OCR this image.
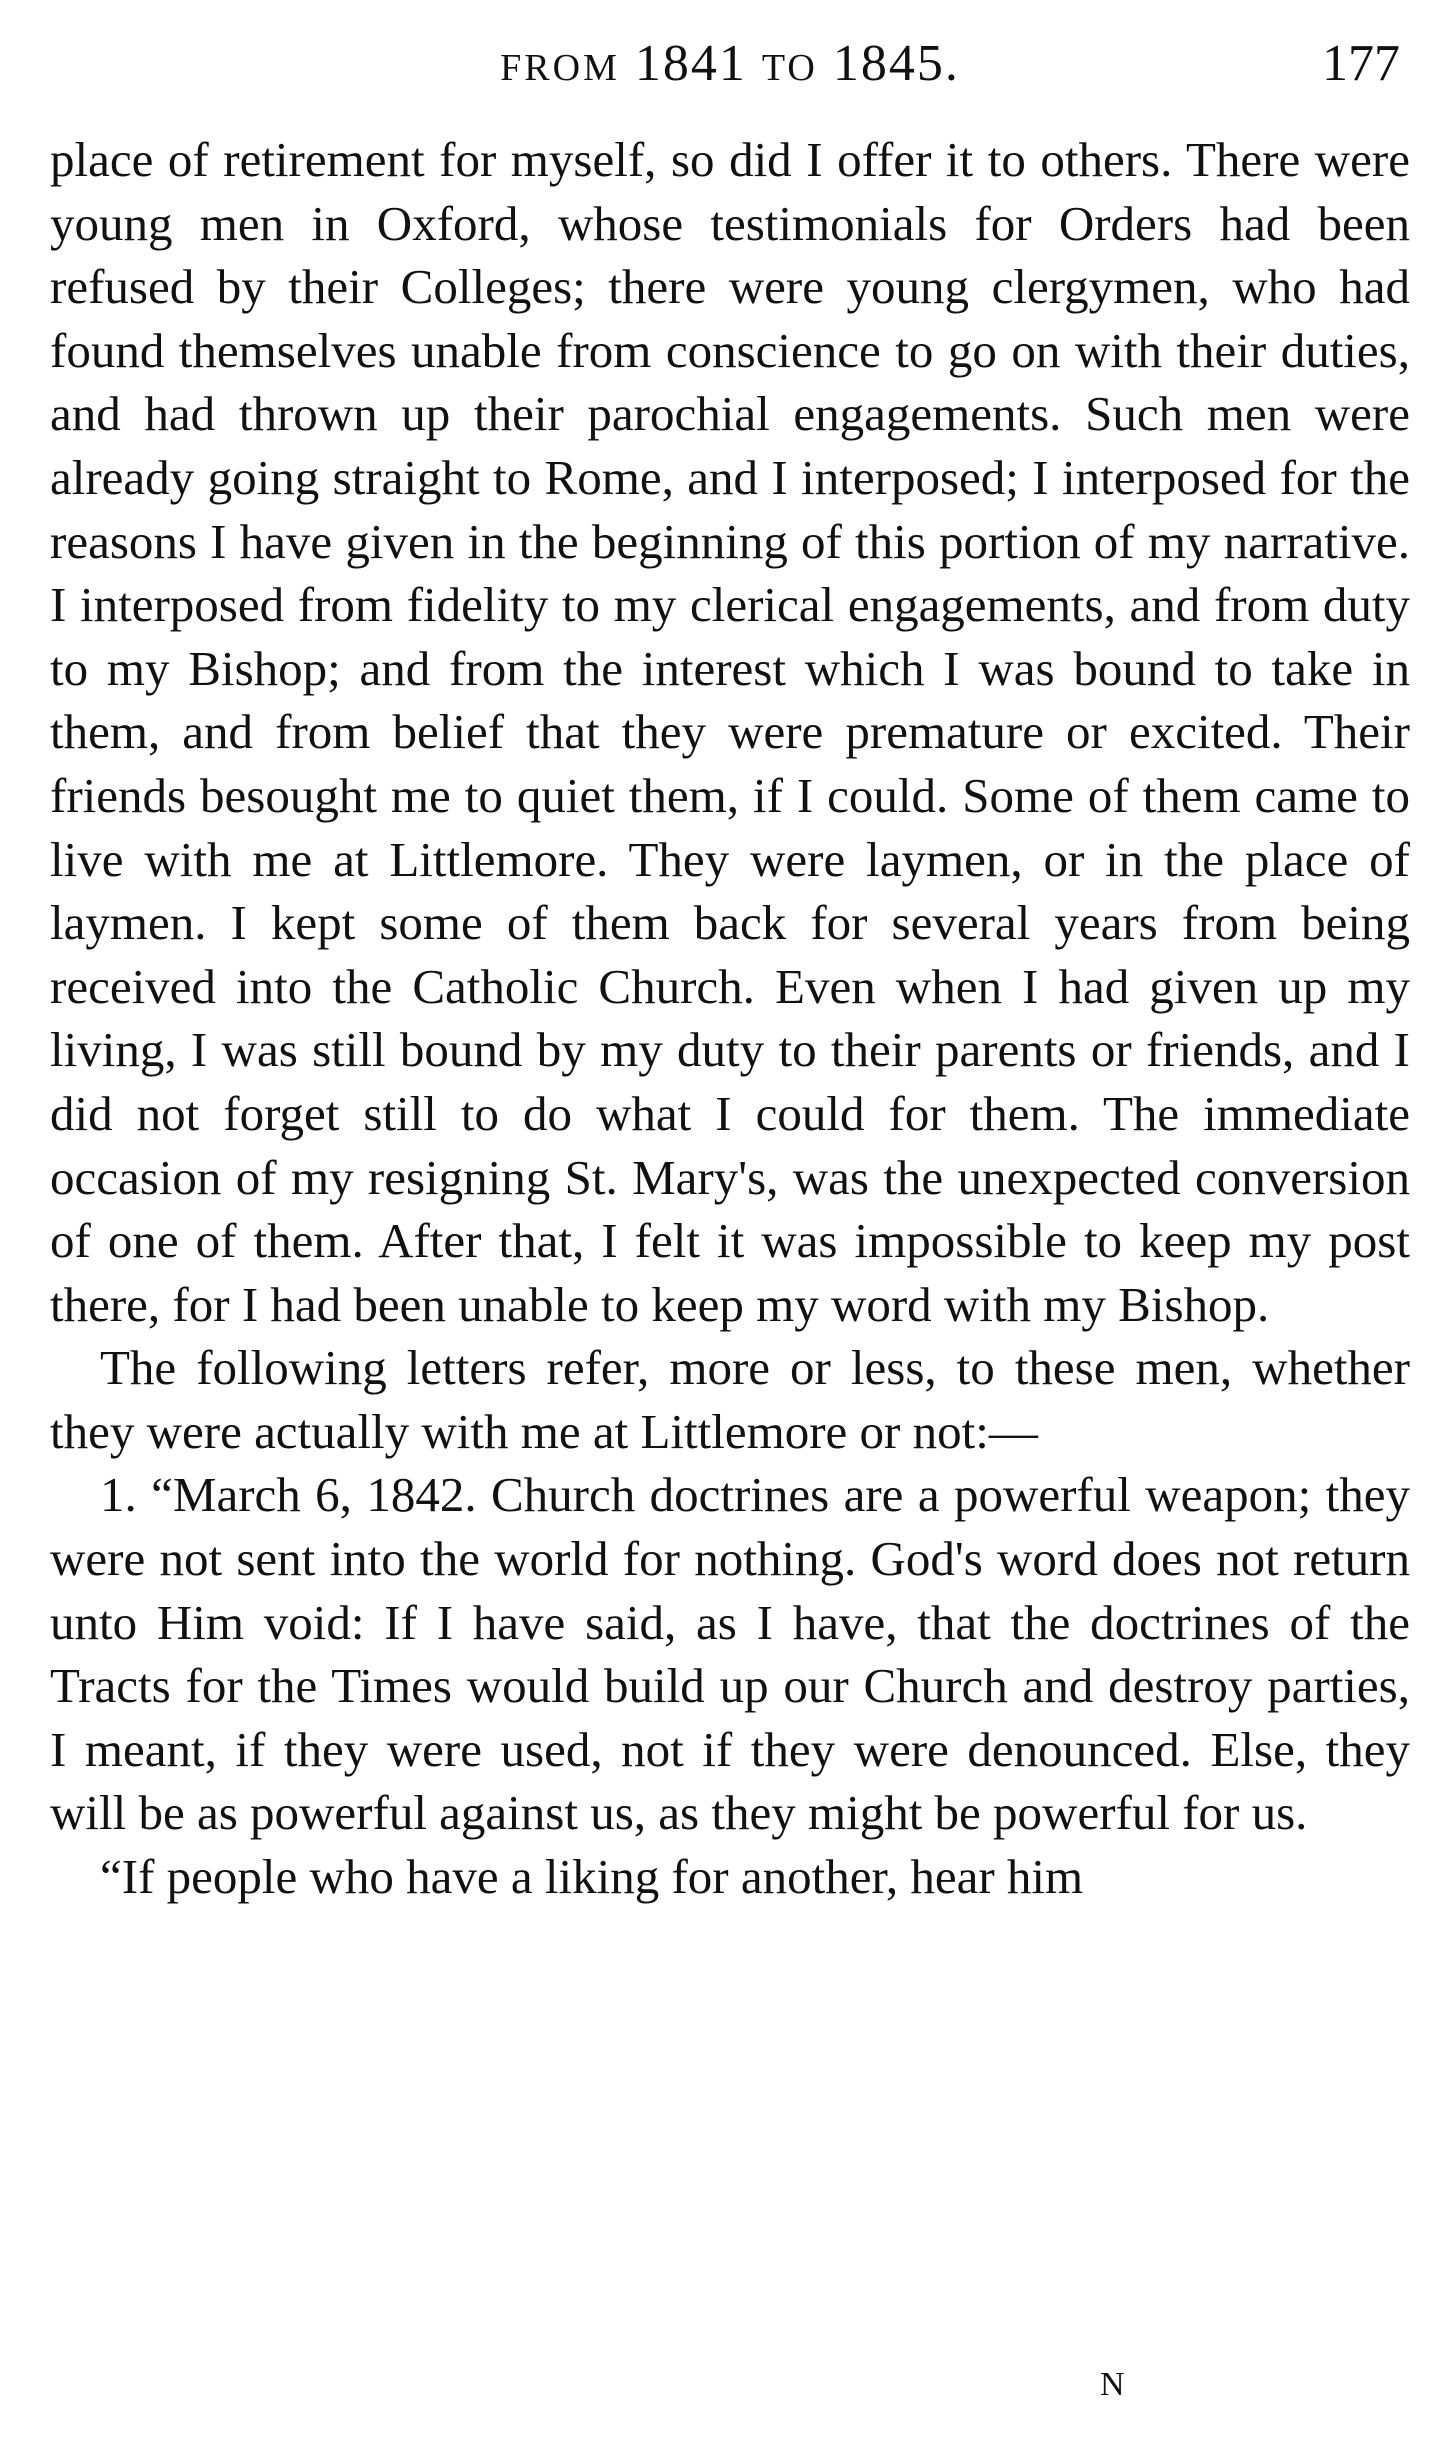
FROM 1841 TO 1845.	177

place of retirement for myself, so did I offer it to others. There were young men in Oxford, whose testimonials for Orders had been refused by their Colleges; there were young clergymen, who had found themselves unable from conscience to go on with their duties, and had thrown up their parochial engagements. Such men were already going straight to Rome, and I interposed; I interposed for the reasons I have given in the beginning of this portion of my narrative. I interposed from fidelity to my clerical engagements, and from duty to my Bishop; and from the interest which I was bound to take in them, and from belief that they were premature or excited. Their friends besought me to quiet them, if I could. Some of them came to live with me at Littlemore. They were laymen, or in the place of laymen. I kept some of them back for several years from being received into the Catholic Church. Even when I had given up my living, I was still bound by my duty to their parents or friends, and I did not forget still to do what I could for them. The immediate occasion of my resigning St. Mary's, was the unexpected conversion of one of them. After that, I felt it was impossible to keep my post there, for I had been unable to keep my word with my Bishop.

The following letters refer, more or less, to these men, whether they were actually with me at Littlemore or not:—

1. “March 6, 1842. Church doctrines are a powerful weapon; they were not sent into the world for nothing. God's word does not return unto Him void: If I have said, as I have, that the doctrines of the Tracts for the Times would build up our Church and destroy parties, I meant, if they were used, not if they were denounced. Else, they will be as powerful against us, as they might be powerful for us.

“If people who have a liking for another, hear him

N
